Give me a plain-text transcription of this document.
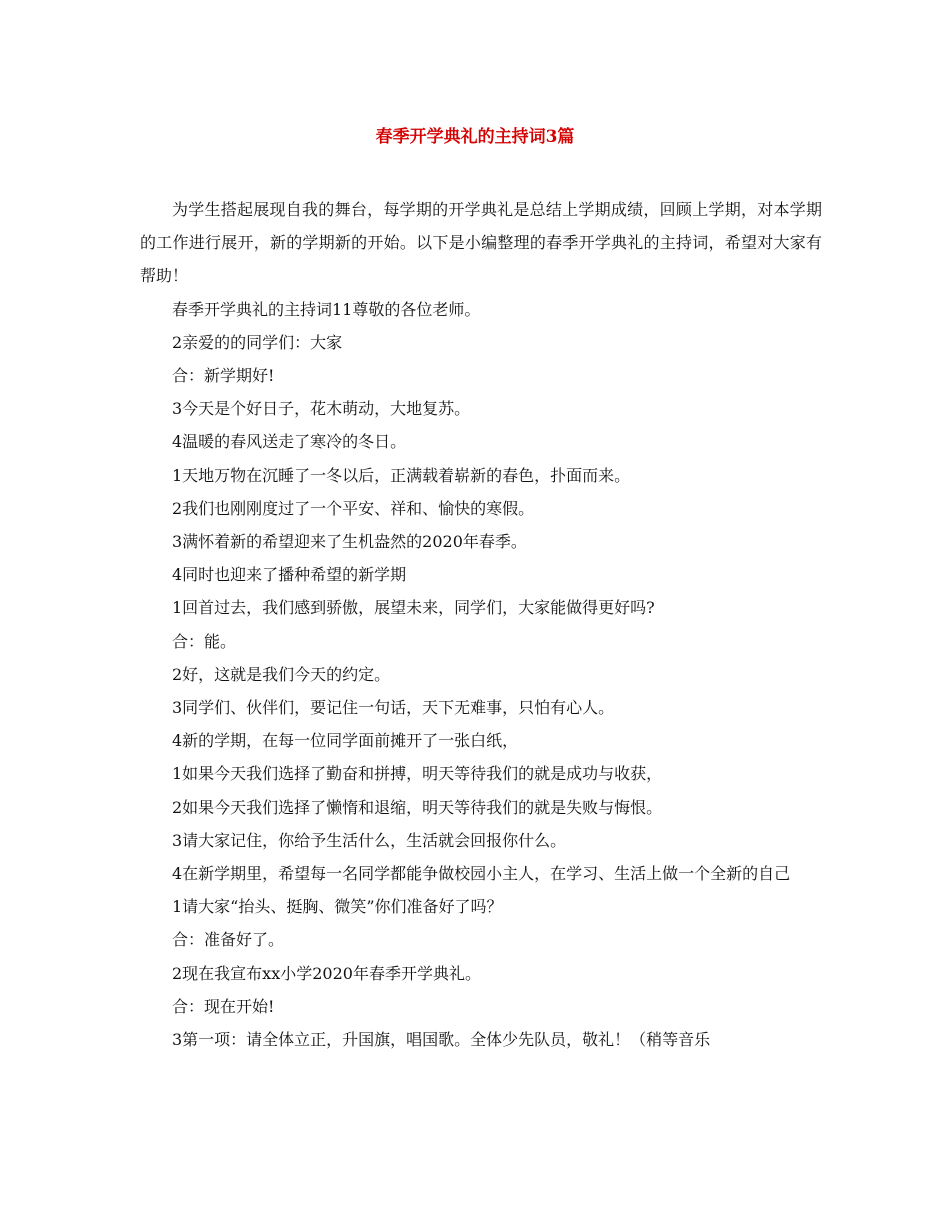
春季开学典礼的主持词3篇

为学生搭起展现自我的舞台，每学期的开学典礼是总结上学期成绩，回顾上学期，对本学期的工作进行展开，新的学期新的开始。以下是小编整理的春季开学典礼的主持词，希望对大家有帮助！

春季开学典礼的主持词11尊敬的各位老师。

2亲爱的的同学们：大家

合：新学期好!

3今天是个好日子，花木萌动，大地复苏。

4温暖的春风送走了寒冷的冬日。

1天地万物在沉睡了一冬以后，正满载着崭新的春色，扑面而来。

2我们也刚刚度过了一个平安、祥和、愉快的寒假。

3满怀着新的希望迎来了生机盎然的2020年春季。

4同时也迎来了播种希望的新学期

1回首过去，我们感到骄傲，展望未来，同学们，大家能做得更好吗?

合：能。

2好，这就是我们今天的约定。

3同学们、伙伴们，要记住一句话，天下无难事，只怕有心人。

4新的学期，在每一位同学面前摊开了一张白纸，

1如果今天我们选择了勤奋和拼搏，明天等待我们的就是成功与收获，

2如果今天我们选择了懒惰和退缩，明天等待我们的就是失败与悔恨。

3请大家记住，你给予生活什么，生活就会回报你什么。

4在新学期里，希望每一名同学都能争做校园小主人，在学习、生活上做一个全新的自己

1请大家“抬头、挺胸、微笑”你们准备好了吗？

合：准备好了。

2现在我宣布xx小学2020年春季开学典礼。

合：现在开始!

3第一项：请全体立正，升国旗，唱国歌。全体少先队员，敬礼！（稍等音乐
